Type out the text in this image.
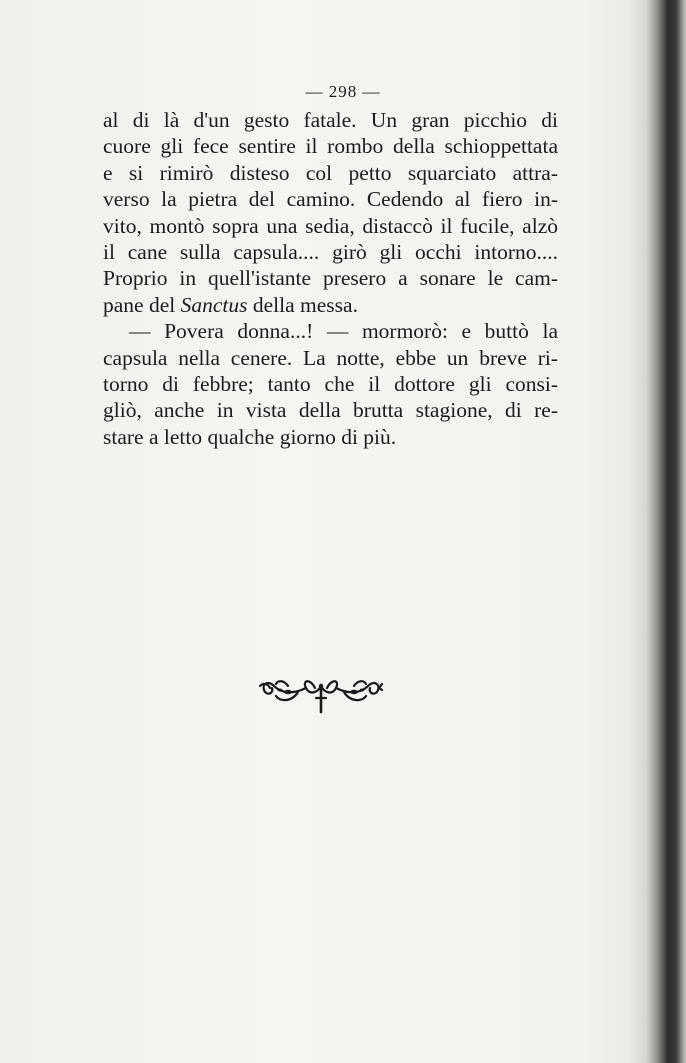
— 298 —
al di là d'un gesto fatale. Un gran picchio di
cuore gli fece sentire il rombo della schioppettata
e si rimirò disteso col petto squarciato attra-
verso la pietra del camino. Cedendo al fiero in-
vito, montò sopra una sedia, distaccò il fucile, alzò
il cane sulla capsula.... girò gli occhi intorno....
Proprio in quell'istante presero a sonare le cam-
pane del Sanctus della messa.
— Povera donna...! — mormorò: e buttò la
capsula nella cenere. La notte, ebbe un breve ri-
torno di febbre; tanto che il dottore gli consi-
gliò, anche in vista della brutta stagione, di re-
stare a letto qualche giorno di più.
